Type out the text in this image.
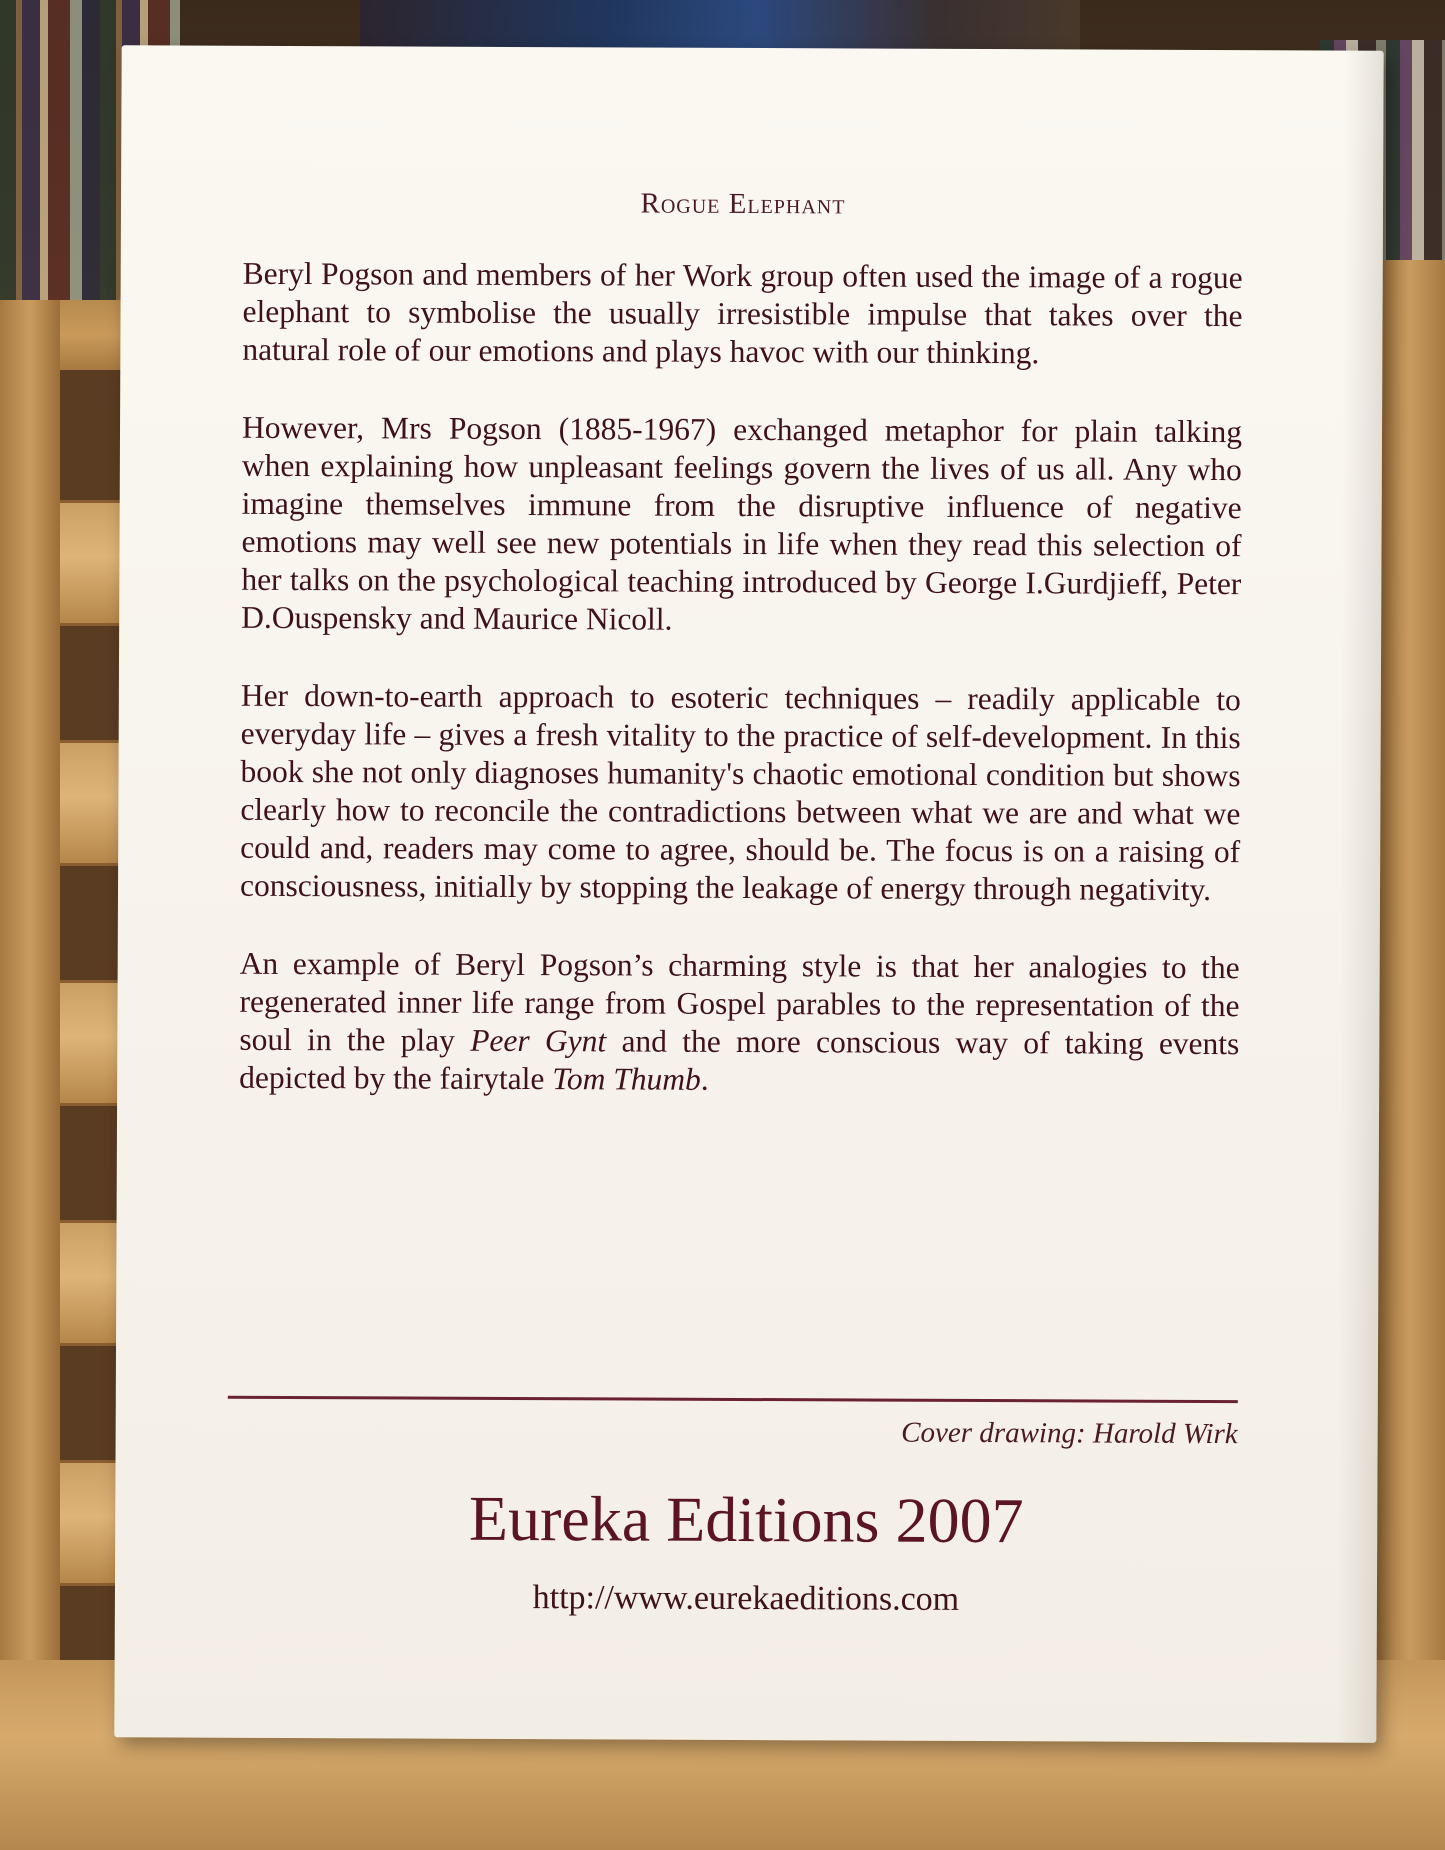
Rogue Elephant

Beryl Pogson and members of her Work group often used the image of a rogue elephant to symbolise the usually irresistible impulse that takes over the natural role of our emotions and plays havoc with our thinking.

However, Mrs Pogson (1885-1967) exchanged metaphor for plain talking when explaining how unpleasant feelings govern the lives of us all. Any who imagine themselves immune from the disruptive influence of negative emotions may well see new potentials in life when they read this selection of her talks on the psychological teaching introduced by George I.Gurdjieff, Peter D.Ouspensky and Maurice Nicoll.

Her down-to-earth approach to esoteric techniques – readily applicable to everyday life – gives a fresh vitality to the practice of self-development. In this book she not only diagnoses humanity's chaotic emotional condition but shows clearly how to reconcile the contradictions between what we are and what we could and, readers may come to agree, should be. The focus is on a raising of consciousness, initially by stopping the leakage of energy through negativity.

An example of Beryl Pogson’s charming style is that her analogies to the regenerated inner life range from Gospel parables to the representation of the soul in the play Peer Gynt and the more conscious way of taking events depicted by the fairytale Tom Thumb.

Cover drawing: Harold Wirk
Eureka Editions 2007
http://www.eurekaeditions.com
